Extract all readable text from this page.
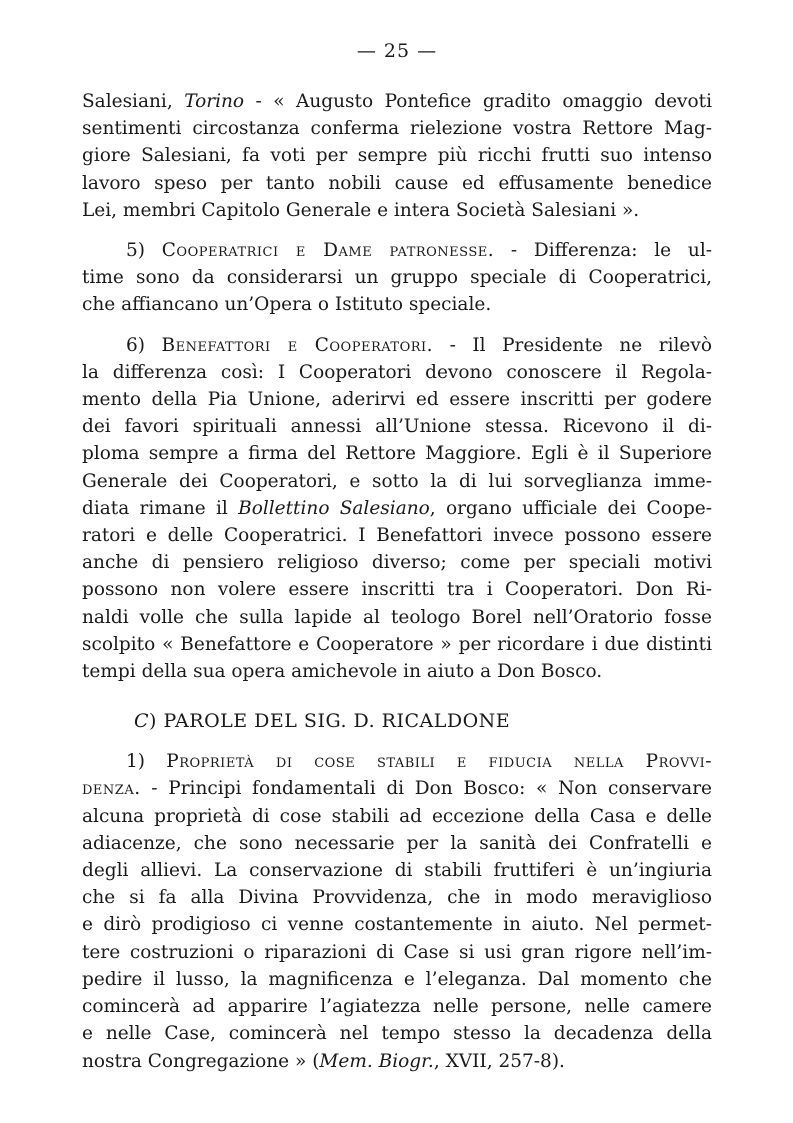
— 25 —
Salesiani, Torino - « Augusto Pontefice gradito omaggio devoti
sentimenti circostanza conferma rielezione vostra Rettore Mag-
giore Salesiani, fa voti per sempre più ricchi frutti suo intenso
lavoro speso per tanto nobili cause ed effusamente benedice
Lei, membri Capitolo Generale e intera Società Salesiani ».
5) Cooperatrici e Dame patronesse. - Differenza: le ul-
time sono da considerarsi un gruppo speciale di Cooperatrici,
che affiancano un’Opera o Istituto speciale.
6) Benefattori e Cooperatori. - Il Presidente ne rilevò
la differenza così: I Cooperatori devono conoscere il Regola-
mento della Pia Unione, aderirvi ed essere inscritti per godere
dei favori spirituali annessi all’Unione stessa. Ricevono il di-
ploma sempre a firma del Rettore Maggiore. Egli è il Superiore
Generale dei Cooperatori, e sotto la di lui sorveglianza imme-
diata rimane il Bollettino Salesiano, organo ufficiale dei Coope-
ratori e delle Cooperatrici. I Benefattori invece possono essere
anche di pensiero religioso diverso; come per speciali motivi
possono non volere essere inscritti tra i Cooperatori. Don Ri-
naldi volle che sulla lapide al teologo Borel nell’Oratorio fosse
scolpito « Benefattore e Cooperatore » per ricordare i due distinti
tempi della sua opera amichevole in aiuto a Don Bosco.
C) PAROLE DEL SIG. D. RICALDONE
1) Proprietà di cose stabili e fiducia nella Provvi-
denza. - Principi fondamentali di Don Bosco: « Non conservare
alcuna proprietà di cose stabili ad eccezione della Casa e delle
adiacenze, che sono necessarie per la sanità dei Confratelli e
degli allievi. La conservazione di stabili fruttiferi è un’ingiuria
che si fa alla Divina Provvidenza, che in modo meraviglioso
e dirò prodigioso ci venne costantemente in aiuto. Nel permet-
tere costruzioni o riparazioni di Case si usi gran rigore nell’im-
pedire il lusso, la magnificenza e l’eleganza. Dal momento che
comincerà ad apparire l’agiatezza nelle persone, nelle camere
e nelle Case, comincerà nel tempo stesso la decadenza della
nostra Congregazione » (Mem. Biogr., XVII, 257-8).
